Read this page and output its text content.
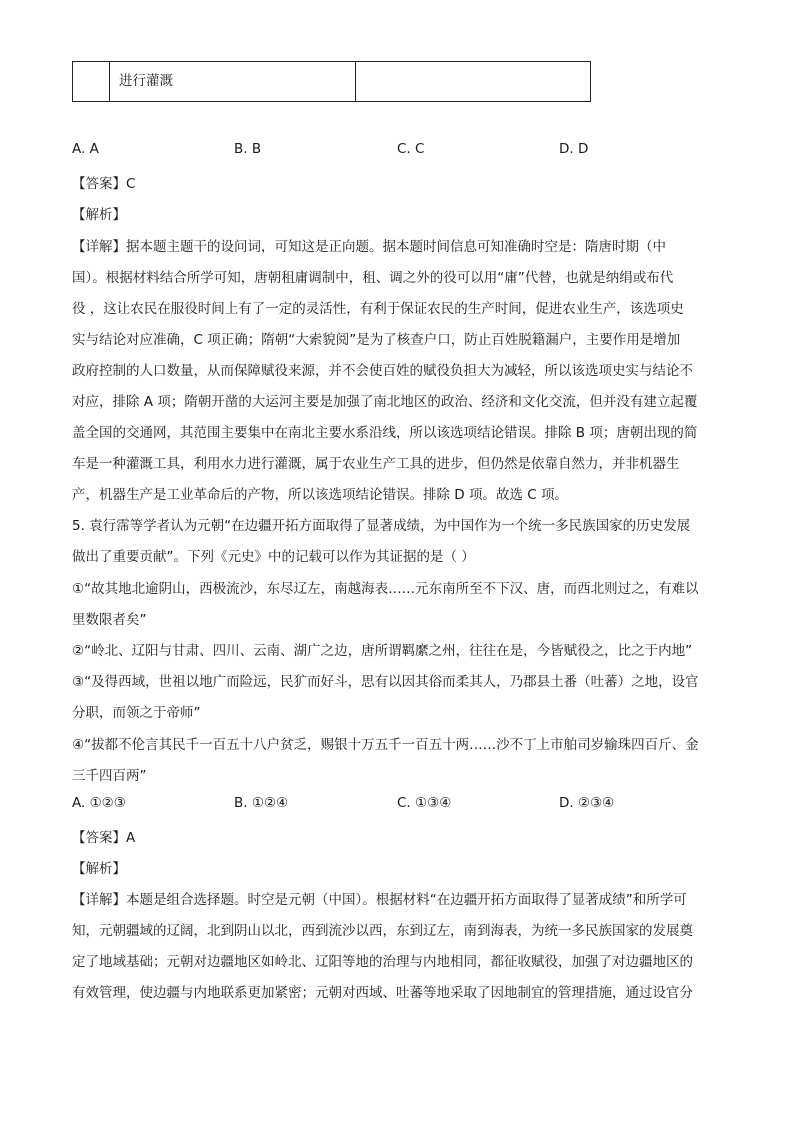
进行灌溉
A. A	B. B	C. C	D. D
【答案】C
【解析】
【详解】据本题主题干的设问词，可知这是正向题。据本题时间信息可知准确时空是：隋唐时期（中
国）。根据材料结合所学可知，唐朝租庸调制中，租、调之外的役可以用“庸”代替，也就是纳绢或布代
役 ，这让农民在服役时间上有了一定的灵活性，有利于保证农民的生产时间，促进农业生产，该选项史
实与结论对应准确，C 项正确；隋朝“大索貌阅”是为了核查户口，防止百姓脱籍漏户，主要作用是增加
政府控制的人口数量，从而保障赋役来源，并不会使百姓的赋役负担大为减轻，所以该选项史实与结论不
对应，排除 A 项；隋朝开凿的大运河主要是加强了南北地区的政治、经济和文化交流，但并没有建立起覆
盖全国的交通网，其范围主要集中在南北主要水系沿线，所以该选项结论错误。排除 B 项；唐朝出现的简
车是一种灌溉工具，利用水力进行灌溉，属于农业生产工具的进步，但仍然是依靠自然力，并非机器生
产，机器生产是工业革命后的产物，所以该选项结论错误。排除 D 项。故选 C 项。
5. 袁行霈等学者认为元朝“在边疆开拓方面取得了显著成绩，为中国作为一个统一多民族国家的历史发展
做出了重要贡献”。下列《元史》中的记载可以作为其证据的是（ ）
①“故其地北逾阴山，西极流沙，东尽辽左，南越海表……元东南所至不下汉、唐，而西北则过之，有难以
里数限者矣”
②“岭北、辽阳与甘肃、四川、云南、湖广之边，唐所谓羁縻之州，往往在是，今皆赋役之，比之于内地”
③“及得西域，世祖以地广而险远，民犷而好斗，思有以因其俗而柔其人，乃郡县土番（吐蕃）之地，设官
分职，而领之于帝师”
④“拔都不伦言其民千一百五十八户贫乏，赐银十万五千一百五十两……沙不丁上市舶司岁输珠四百斤、金
三千四百两”
A. ①②③	B. ①②④	C. ①③④	D. ②③④
【答案】A
【解析】
【详解】本题是组合选择题。时空是元朝（中国）。根据材料“在边疆开拓方面取得了显著成绩”和所学可
知，元朝疆域的辽阔，北到阴山以北，西到流沙以西，东到辽左，南到海表，为统一多民族国家的发展奠
定了地域基础；元朝对边疆地区如岭北、辽阳等地的治理与内地相同，都征收赋役，加强了对边疆地区的
有效管理，使边疆与内地联系更加紧密；元朝对西域、吐蕃等地采取了因地制宜的管理措施，通过设官分
